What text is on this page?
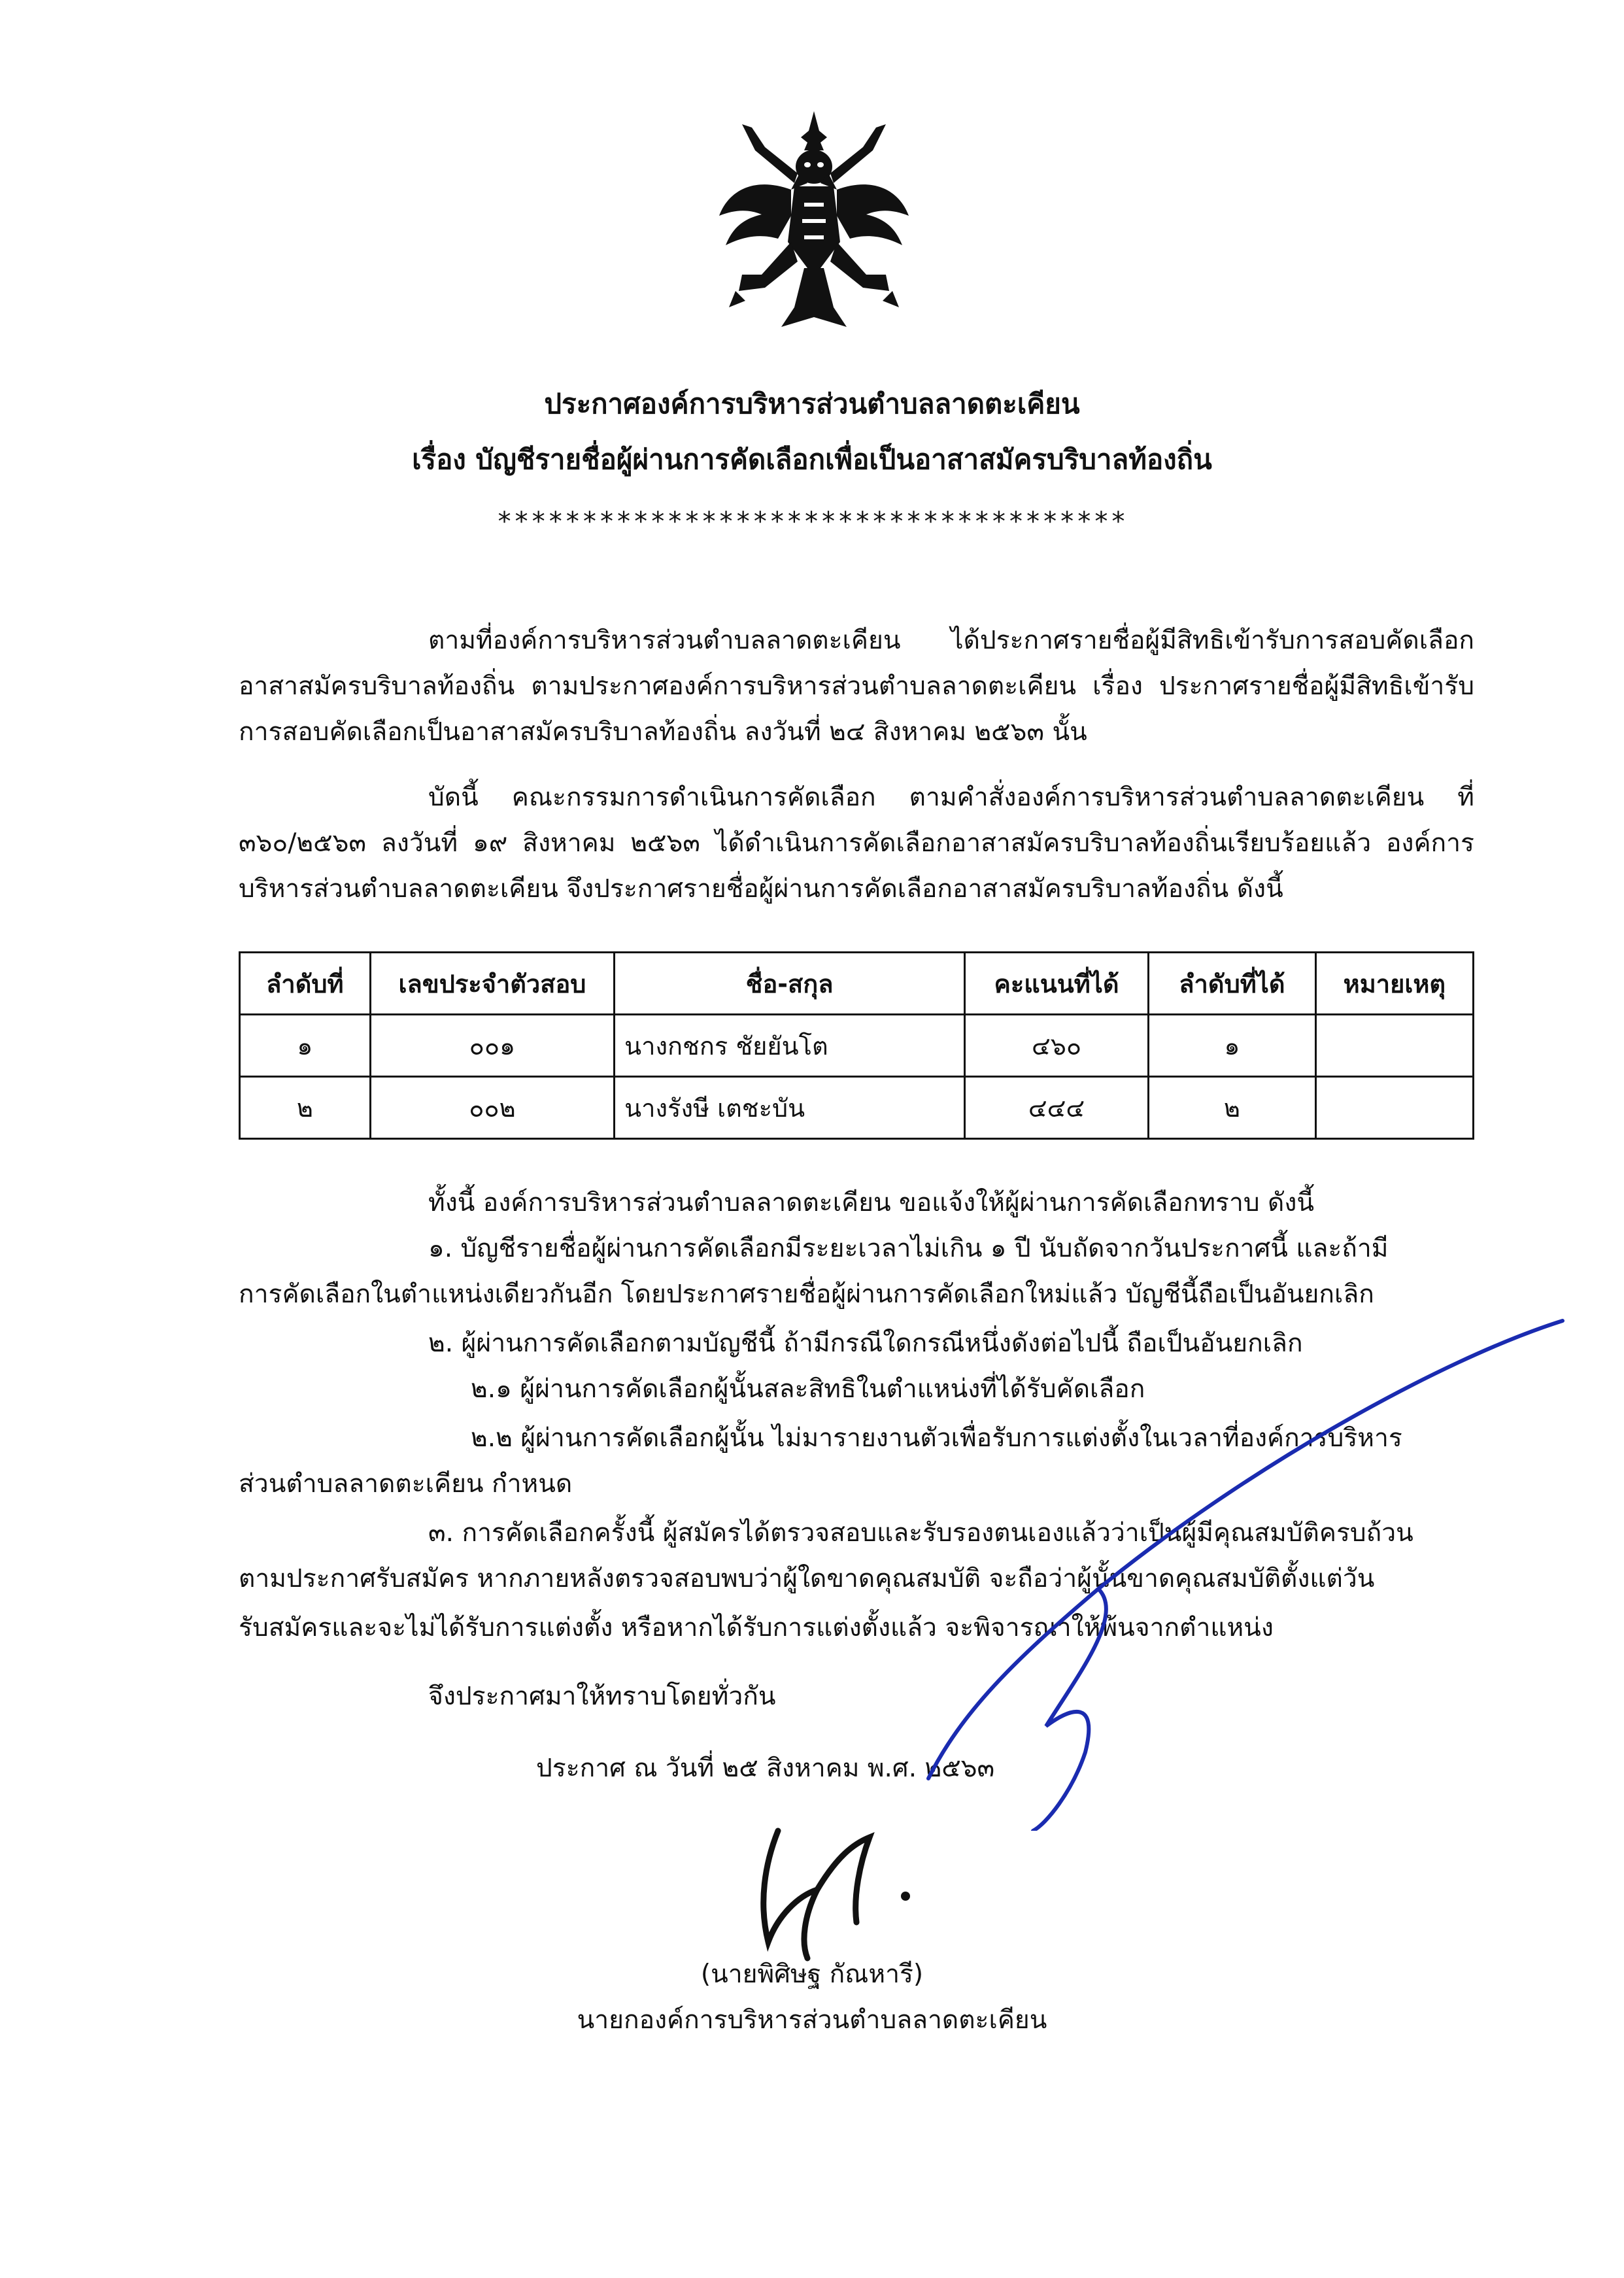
ประกาศองค์การบริหารส่วนตำบลลาดตะเคียน
เรื่อง บัญชีรายชื่อผู้ผ่านการคัดเลือกเพื่อเป็นอาสาสมัครบริบาลท้องถิ่น
*************************************
ตามที่องค์การบริหารส่วนตำบลลาดตะเคียน ได้ประกาศรายชื่อผู้มีสิทธิเข้ารับการสอบคัดเลือกอาสาสมัครบริบาลท้องถิ่น ตามประกาศองค์การบริหารส่วนตำบลลาดตะเคียน เรื่อง ประกาศรายชื่อผู้มีสิทธิเข้ารับการสอบคัดเลือกเป็นอาสาสมัครบริบาลท้องถิ่น ลงวันที่ ๒๔ สิงหาคม ๒๕๖๓ นั้น
บัดนี้ คณะกรรมการดำเนินการคัดเลือก ตามคำสั่งองค์การบริหารส่วนตำบลลาดตะเคียน ที่ ๓๖๐/๒๕๖๓ ลงวันที่ ๑๙ สิงหาคม ๒๕๖๓ ได้ดำเนินการคัดเลือกอาสาสมัครบริบาลท้องถิ่นเรียบร้อยแล้ว องค์การบริหารส่วนตำบลลาดตะเคียน จึงประกาศรายชื่อผู้ผ่านการคัดเลือกอาสาสมัครบริบาลท้องถิ่น ดังนี้
ลำดับที่	เลขประจำตัวสอบ	ชื่อ-สกุล	คะแนนที่ได้	ลำดับที่ได้	หมายเหตุ
๑	๐๐๑	นางกชกร ชัยยันโต	๔๖๐	๑	
๒	๐๐๒	นางรังษี เตชะบัน	๔๔๔	๒	
ทั้งนี้ องค์การบริหารส่วนตำบลลาดตะเคียน ขอแจ้งให้ผู้ผ่านการคัดเลือกทราบ ดังนี้
๑. บัญชีรายชื่อผู้ผ่านการคัดเลือกมีระยะเวลาไม่เกิน ๑ ปี นับถัดจากวันประกาศนี้ และถ้ามี
การคัดเลือกในตำแหน่งเดียวกันอีก โดยประกาศรายชื่อผู้ผ่านการคัดเลือกใหม่แล้ว บัญชีนี้ถือเป็นอันยกเลิก
๒. ผู้ผ่านการคัดเลือกตามบัญชีนี้ ถ้ามีกรณีใดกรณีหนึ่งดังต่อไปนี้ ถือเป็นอันยกเลิก
๒.๑ ผู้ผ่านการคัดเลือกผู้นั้นสละสิทธิในตำแหน่งที่ได้รับคัดเลือก
๒.๒ ผู้ผ่านการคัดเลือกผู้นั้น ไม่มารายงานตัวเพื่อรับการแต่งตั้งในเวลาที่องค์การบริหาร
ส่วนตำบลลาดตะเคียน กำหนด
๓. การคัดเลือกครั้งนี้ ผู้สมัครได้ตรวจสอบและรับรองตนเองแล้วว่าเป็นผู้มีคุณสมบัติครบถ้วน
ตามประกาศรับสมัคร หากภายหลังตรวจสอบพบว่าผู้ใดขาดคุณสมบัติ จะถือว่าผู้นั้นขาดคุณสมบัติตั้งแต่วัน
รับสมัครและจะไม่ได้รับการแต่งตั้ง หรือหากได้รับการแต่งตั้งแล้ว จะพิจารณาให้พ้นจากตำแหน่ง
จึงประกาศมาให้ทราบโดยทั่วกัน
ประกาศ ณ วันที่ ๒๕ สิงหาคม พ.ศ. ๒๕๖๓
(นายพิศิษฐ กัณหารี)
นายกองค์การบริหารส่วนตำบลลาดตะเคียน
